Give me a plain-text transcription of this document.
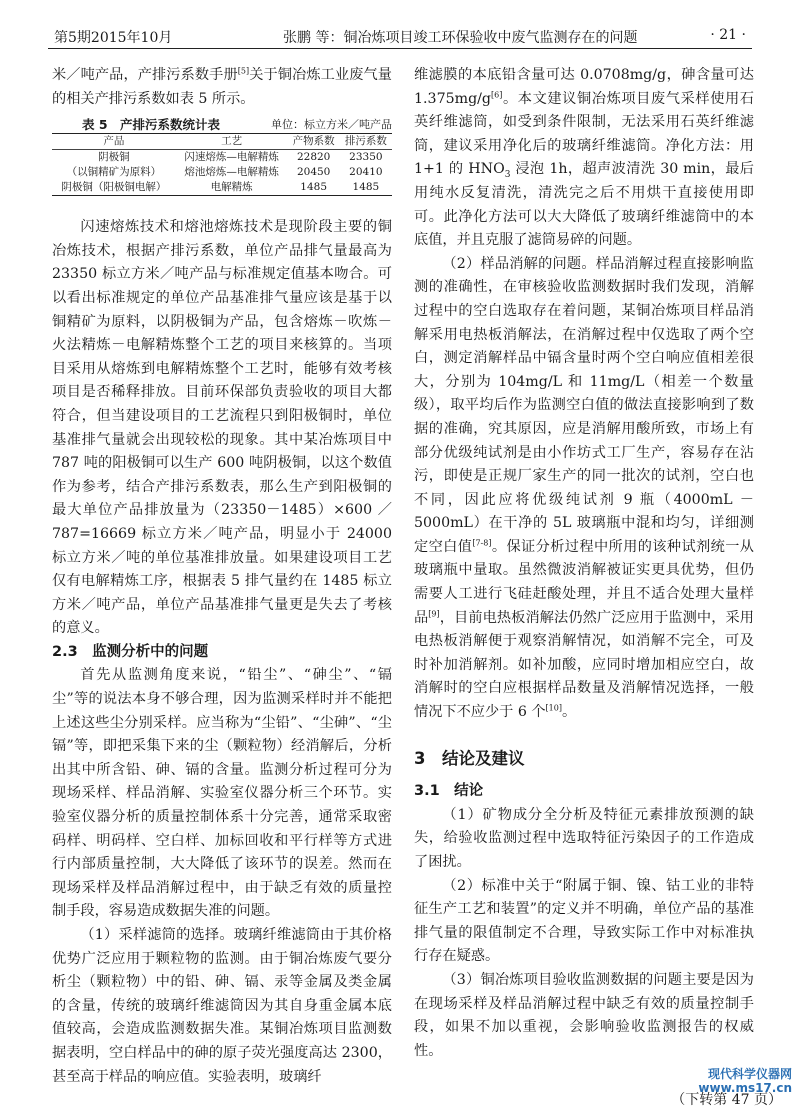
第5期2015年10月	张鹏 等：铜冶炼项目竣工环保验收中废气监测存在的问题	· 21 ·

米／吨产品，产排污系数手册[5]关于铜冶炼工业废气量的相关产排污系数如表 5 所示。

表 5　产排污系数统计表	单位：标立方米／吨产品
产品	工艺	产物系数	排污系数
阴极铜	闪速熔炼—电解精炼	22820	23350
（以铜精矿为原料）	熔池熔炼—电解精炼	20450	20410
阴极铜（阳极铜电解）	电解精炼	1485	1485

闪速熔炼技术和熔池熔炼技术是现阶段主要的铜冶炼技术，根据产排污系数，单位产品排气量最高为 23350 标立方米／吨产品与标准规定值基本吻合。可以看出标准规定的单位产品基准排气量应该是基于以铜精矿为原料，以阴极铜为产品，包含熔炼－吹炼－火法精炼－电解精炼整个工艺的项目来核算的。当项目采用从熔炼到电解精炼整个工艺时，能够有效考核项目是否稀释排放。目前环保部负责验收的项目大都符合，但当建设项目的工艺流程只到阳极铜时，单位基准排气量就会出现较松的现象。其中某冶炼项目中 787 吨的阳极铜可以生产 600 吨阴极铜，以这个数值作为参考，结合产排污系数表，那么生产到阳极铜的最大单位产品排放量为（23350－1485）×600 ／ 787=16669 标立方米／吨产品，明显小于 24000 标立方米／吨的单位基准排放量。如果建设项目工艺仅有电解精炼工序，根据表 5 排气量约在 1485 标立方米／吨产品，单位产品基准排气量更是失去了考核的意义。

2.3　监测分析中的问题

首先从监测角度来说，“铅尘”、“砷尘”、“镉尘”等的说法本身不够合理，因为监测采样时并不能把上述这些尘分别采样。应当称为“尘铅”、“尘砷”、“尘镉”等，即把采集下来的尘（颗粒物）经消解后，分析出其中所含铅、砷、镉的含量。监测分析过程可分为现场采样、样品消解、实验室仪器分析三个环节。实验室仪器分析的质量控制体系十分完善，通常采取密码样、明码样、空白样、加标回收和平行样等方式进行内部质量控制，大大降低了该环节的误差。然而在现场采样及样品消解过程中，由于缺乏有效的质量控制手段，容易造成数据失准的问题。

（1）采样滤筒的选择。玻璃纤维滤筒由于其价格优势广泛应用于颗粒物的监测。由于铜冶炼废气要分析尘（颗粒物）中的铅、砷、镉、汞等金属及类金属的含量，传统的玻璃纤维滤筒因为其自身重金属本底值较高，会造成监测数据失准。某铜冶炼项目监测数据表明，空白样品中的砷的原子荧光强度高达 2300，甚至高于样品的响应值。实验表明，玻璃纤

维滤膜的本底铅含量可达 0.0708mg/g，砷含量可达 1.375mg/g[6]。本文建议铜冶炼项目废气采样使用石英纤维滤筒，如受到条件限制，无法采用石英纤维滤筒，建议采用净化后的玻璃纤维滤筒。净化方法：用 1+1 的 $HNO_3$ 浸泡 1h，超声波清洗 30 min，最后用纯水反复清洗，清洗完之后不用烘干直接使用即可。此净化方法可以大大降低了玻璃纤维滤筒中的本底值，并且克服了滤筒易碎的问题。

（2）样品消解的问题。样品消解过程直接影响监测的准确性，在审核验收监测数据时我们发现，消解过程中的空白选取存在着问题，某铜冶炼项目样品消解采用电热板消解法，在消解过程中仅选取了两个空白，测定消解样品中镉含量时两个空白响应值相差很大，分别为 104mg/L 和 11mg/L（相差一个数量级），取平均后作为监测空白值的做法直接影响到了数据的准确，究其原因，应是消解用酸所致，市场上有部分优级纯试剂是由小作坊式工厂生产，容易存在沾污，即使是正规厂家生产的同一批次的试剂，空白也不同，因此应将优级纯试剂 9 瓶（4000mL － 5000mL）在干净的 5L 玻璃瓶中混和均匀，详细测定空白值[7-8]。保证分析过程中所用的该种试剂统一从玻璃瓶中量取。虽然微波消解被证实更具优势，但仍需要人工进行飞硅赶酸处理，并且不适合处理大量样品[9]，目前电热板消解法仍然广泛应用于监测中，采用电热板消解便于观察消解情况，如消解不完全，可及时补加消解剂。如补加酸，应同时增加相应空白，故消解时的空白应根据样品数量及消解情况选择，一般情况下不应少于 6 个[10]。

3　结论及建议

3.1　结论

（1）矿物成分全分析及特征元素排放预测的缺失，给验收监测过程中选取特征污染因子的工作造成了困扰。

（2）标准中关于“附属于铜、镍、钴工业的非特征生产工艺和装置”的定义并不明确，单位产品的基准排气量的限值制定不合理，导致实际工作中对标准执行存在疑惑。

（3）铜冶炼项目验收监测数据的问题主要是因为在现场采样及样品消解过程中缺乏有效的质量控制手段，如果不加以重视，会影响验收监测报告的权威性。

现代科学仪器网
www.ms17.cn
（下转第 47 页）
